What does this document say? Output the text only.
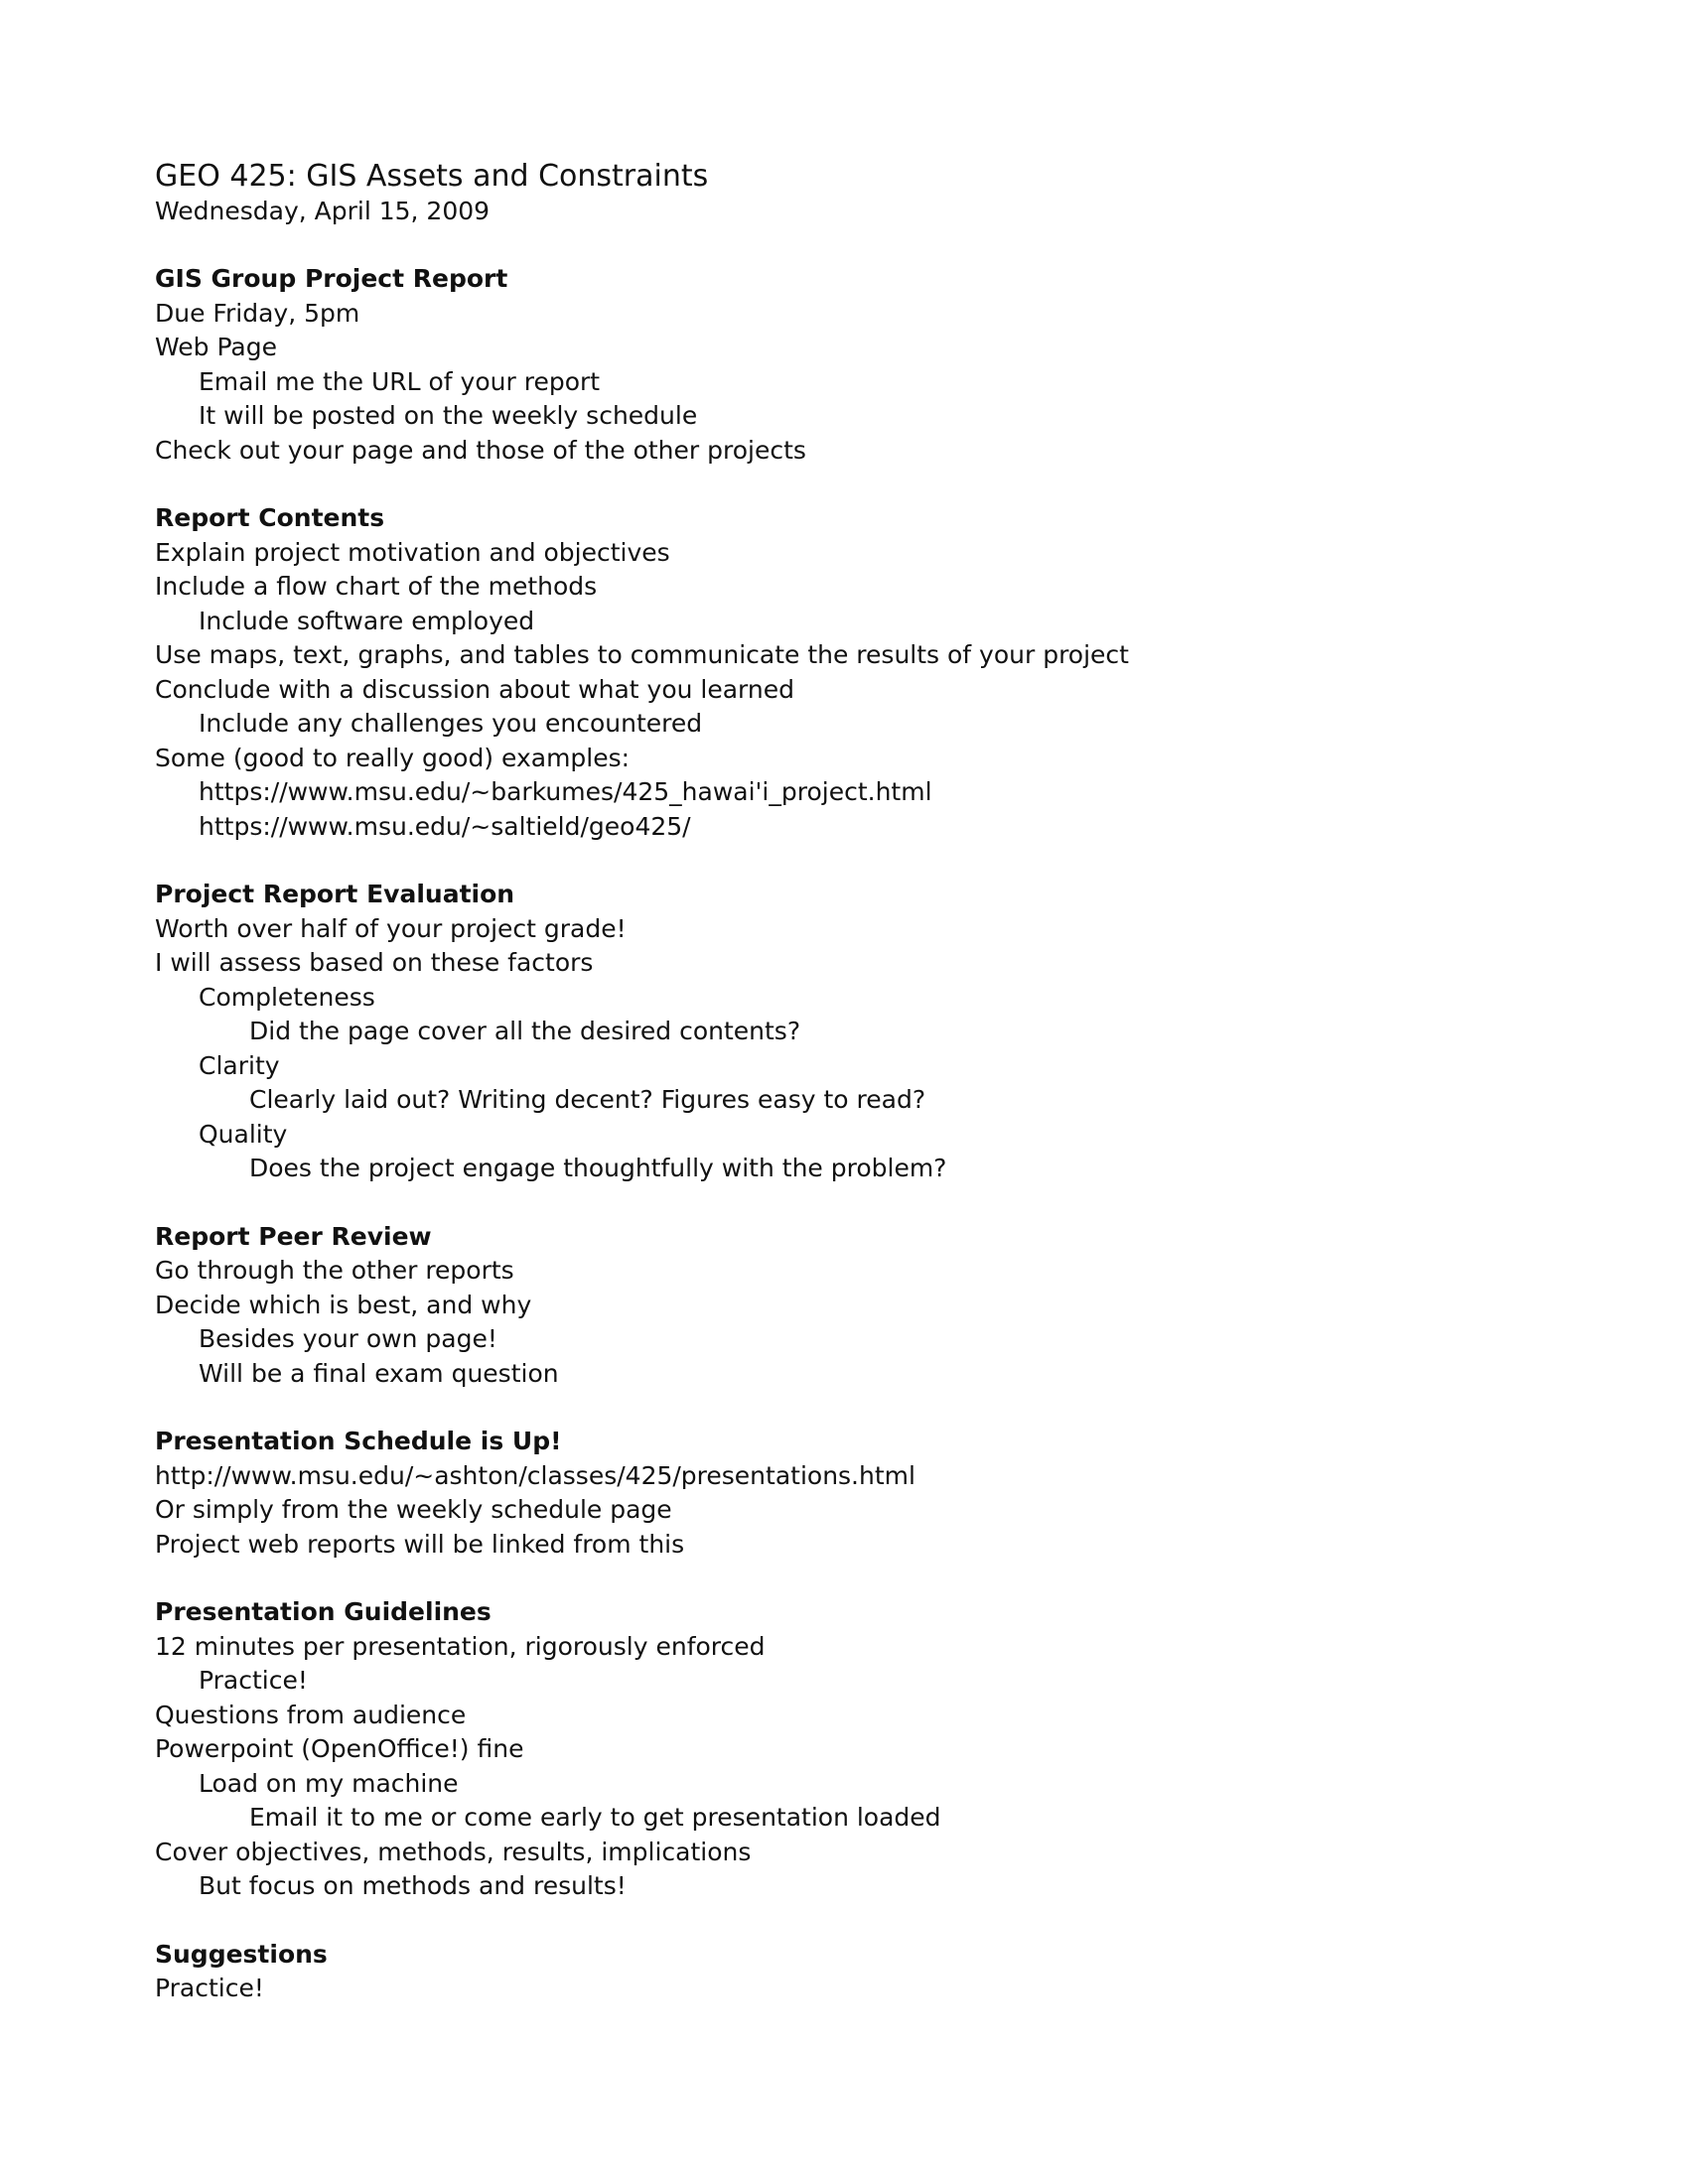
GEO 425: GIS Assets and Constraints
Wednesday, April 15, 2009
GIS Group Project Report
Due Friday, 5pm
Web Page
Email me the URL of your report
It will be posted on the weekly schedule
Check out your page and those of the other projects
Report Contents
Explain project motivation and objectives
Include a flow chart of the methods
Include software employed
Use maps, text, graphs, and tables to communicate the results of your project
Conclude with a discussion about what you learned
Include any challenges you encountered
Some (good to really good) examples:
https://www.msu.edu/~barkumes/425_hawai'i_project.html
https://www.msu.edu/~saltield/geo425/
Project Report Evaluation
Worth over half of your project grade!
I will assess based on these factors
Completeness
Did the page cover all the desired contents?
Clarity
Clearly laid out? Writing decent? Figures easy to read?
Quality
Does the project engage thoughtfully with the problem?
Report Peer Review
Go through the other reports
Decide which is best, and why
Besides your own page!
Will be a final exam question
Presentation Schedule is Up!
http://www.msu.edu/~ashton/classes/425/presentations.html
Or simply from the weekly schedule page
Project web reports will be linked from this
Presentation Guidelines
12 minutes per presentation, rigorously enforced
Practice!
Questions from audience
Powerpoint (OpenOffice!) fine
Load on my machine
Email it to me or come early to get presentation loaded
Cover objectives, methods, results, implications
But focus on methods and results!
Suggestions
Practice!
